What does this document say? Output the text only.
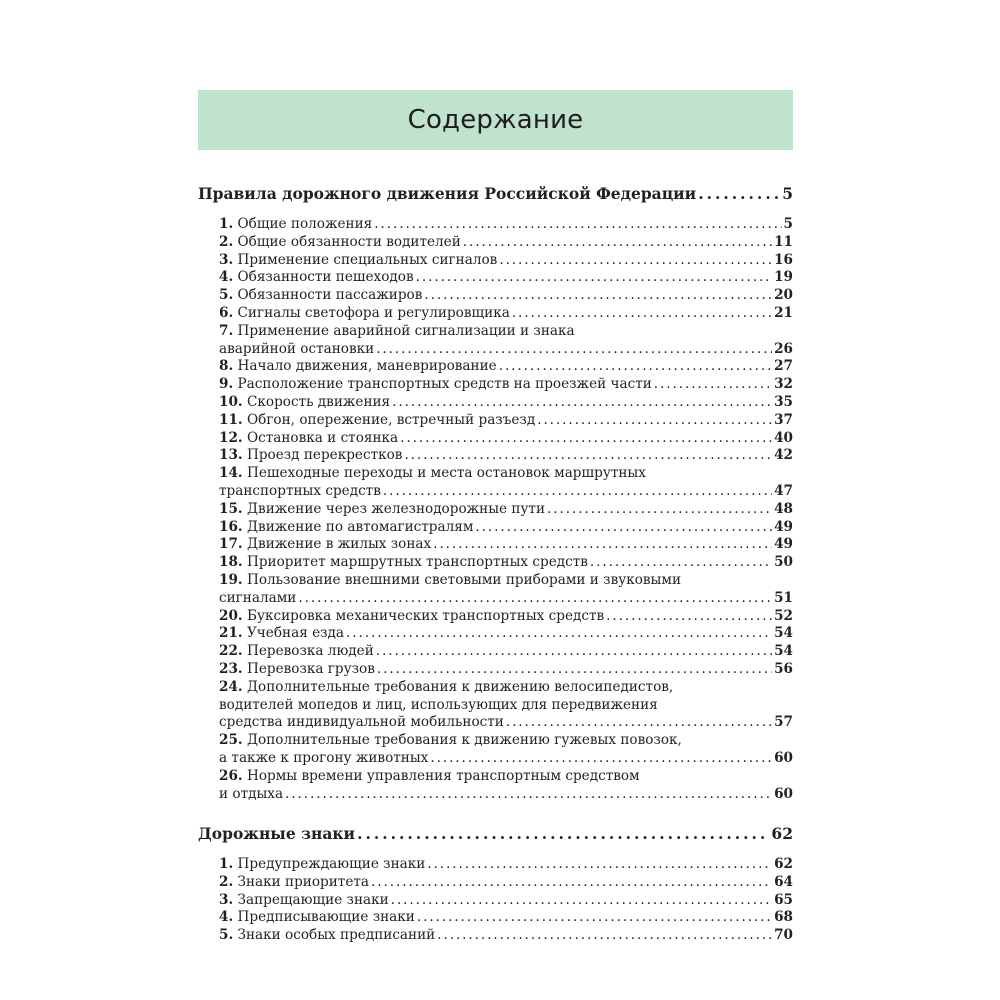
Содержание
Правила дорожного движения Российской Федерации . . .	5
1. Общие положения . . .	5
2. Общие обязанности водителей . . .	11
3. Применение специальных сигналов . . .	16
4. Обязанности пешеходов . . .	19
5. Обязанности пассажиров . . .	20
6. Сигналы светофора и регулировщика . . .	21
7. Применение аварийной сигнализации и знака
аварийной остановки . . .	26
8. Начало движения, маневрирование . . .	27
9. Расположение транспортных средств на проезжей части . . .	32
10. Скорость движения . . .	35
11. Обгон, опережение, встречный разъезд . . .	37
12. Остановка и стоянка . . .	40
13. Проезд перекрестков . . .	42
14. Пешеходные переходы и места остановок маршрутных
транспортных средств . . .	47
15. Движение через железнодорожные пути . . .	48
16. Движение по автомагистралям . . .	49
17. Движение в жилых зонах . . .	49
18. Приоритет маршрутных транспортных средств . . .	50
19. Пользование внешними световыми приборами и звуковыми
сигналами . . .	51
20. Буксировка механических транспортных средств . . .	52
21. Учебная езда . . .	54
22. Перевозка людей . . .	54
23. Перевозка грузов . . .	56
24. Дополнительные требования к движению велосипедистов,
водителей мопедов и лиц, использующих для передвижения
средства индивидуальной мобильности . . .	57
25. Дополнительные требования к движению гужевых повозок,
а также к прогону животных . . .	60
26. Нормы времени управления транспортным средством
и отдыха . . .	60
Дорожные знаки . . .	62
1. Предупреждающие знаки . . .	62
2. Знаки приоритета . . .	64
3. Запрещающие знаки . . .	65
4. Предписывающие знаки . . .	68
5. Знаки особых предписаний . . .	70
